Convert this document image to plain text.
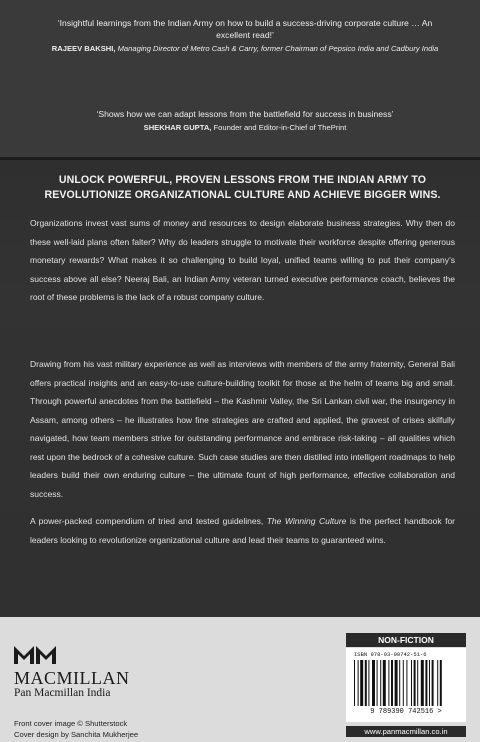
‘Insightful learnings from the Indian Army on how to build a success-driving corporate culture … An excellent read!’
RAJEEV BAKSHI, Managing Director of Metro Cash & Carry, former Chairman of Pepsico India and Cadbury India
‘Shows how we can adapt lessons from the battlefield for success in business’
SHEKHAR GUPTA, Founder and Editor-in-Chief of ThePrint
UNLOCK POWERFUL, PROVEN LESSONS FROM THE INDIAN ARMY TO REVOLUTIONIZE ORGANIZATIONAL CULTURE AND ACHIEVE BIGGER WINS.

Organizations invest vast sums of money and resources to design elaborate business strategies. Why then do these well-laid plans often falter? Why do leaders struggle to motivate their workforce despite offering generous monetary rewards? What makes it so challenging to build loyal, unified teams willing to put their company’s success above all else? Neeraj Bali, an Indian Army veteran turned executive performance coach, believes the root of these problems is the lack of a robust company culture.

Drawing from his vast military experience as well as interviews with members of the army fraternity, General Bali offers practical insights and an easy-to-use culture-building toolkit for those at the helm of teams big and small. Through powerful anecdotes from the battlefield – the Kashmir Valley, the Sri Lankan civil war, the insurgency in Assam, among others – he illustrates how fine strategies are crafted and applied, the gravest of crises skilfully navigated, how team members strive for outstanding performance and embrace risk-taking – all qualities which rest upon the bedrock of a cohesive culture. Such case studies are then distilled into intelligent roadmaps to help leaders build their own enduring culture – the ultimate fount of high performance, effective collaboration and success.

A power-packed compendium of tried and tested guidelines, The Winning Culture is the perfect handbook for leaders looking to revolutionize organizational culture and lead their teams to guaranteed wins.

MACMILLAN
Pan Macmillan India
Front cover image © Shutterstock
Cover design by Sanchita Mukherjee
NON-FICTION
ISBN 978-93-90742-51-6
9 789390 742516 >
www.panmacmillan.co.in
